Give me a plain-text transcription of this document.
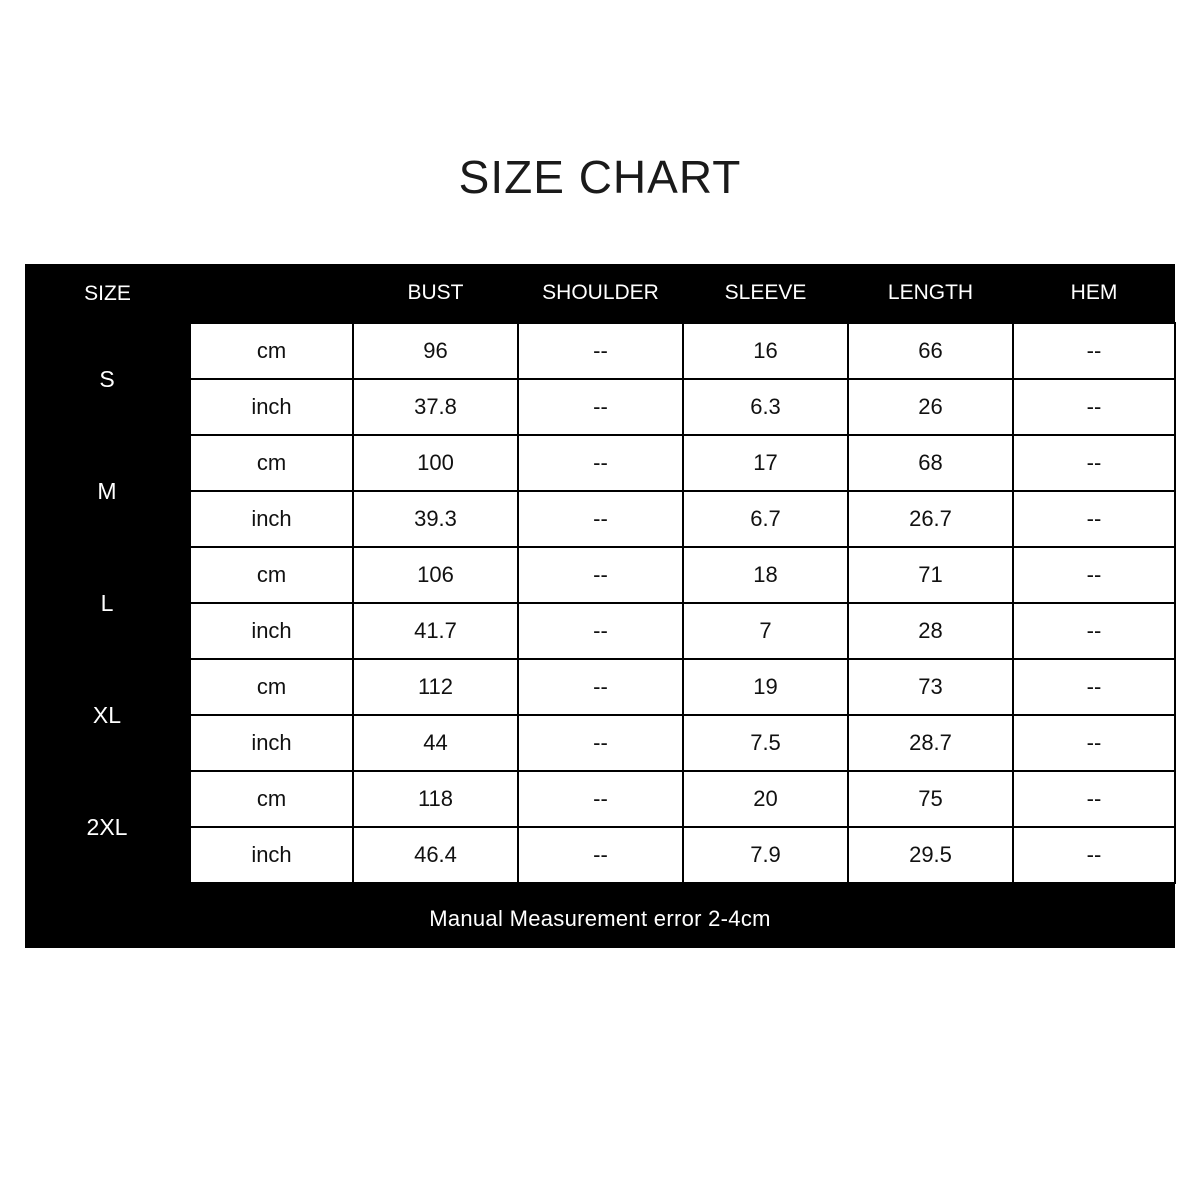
SIZE CHART
SIZE		BUST	SHOULDER	SLEEVE	LENGTH	HEM
S	cm	96	--	16	66	--
	inch	37.8	--	6.3	26	--
M	cm	100	--	17	68	--
	inch	39.3	--	6.7	26.7	--
L	cm	106	--	18	71	--
	inch	41.7	--	7	28	--
XL	cm	112	--	19	73	--
	inch	44	--	7.5	28.7	--
2XL	cm	118	--	20	75	--
	inch	46.4	--	7.9	29.5	--

Manual Measurement error 2-4cm						
